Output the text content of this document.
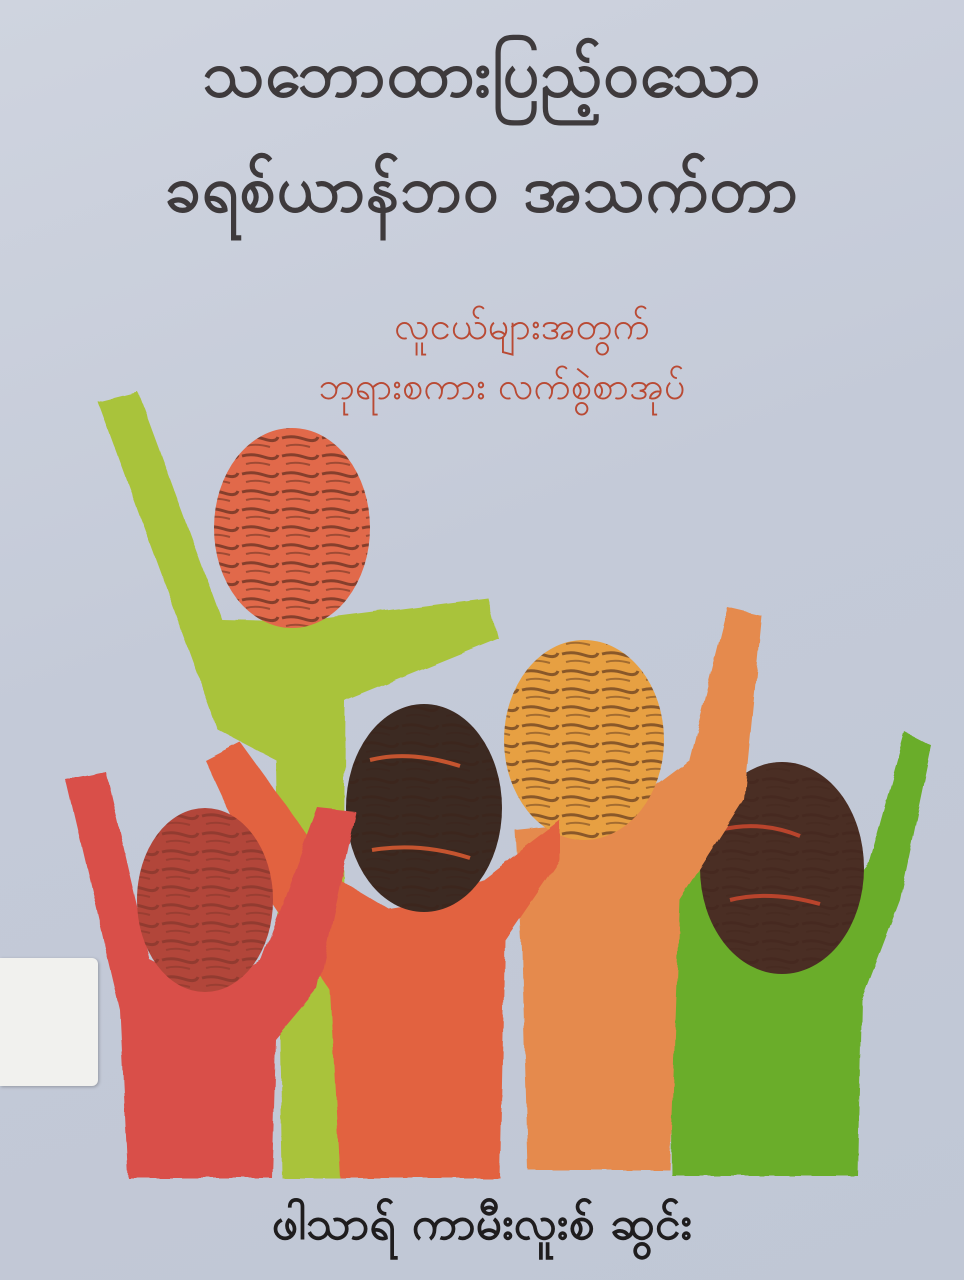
သဘောထားပြည့်ဝသော
ခရစ်ယာန်ဘဝ အသက်တာ
လူငယ်များအတွက်
ဘုရားစကား လက်စွဲစာအုပ်
ဖါသာရ် ကာမီးလူးစ် ဆွင်း
